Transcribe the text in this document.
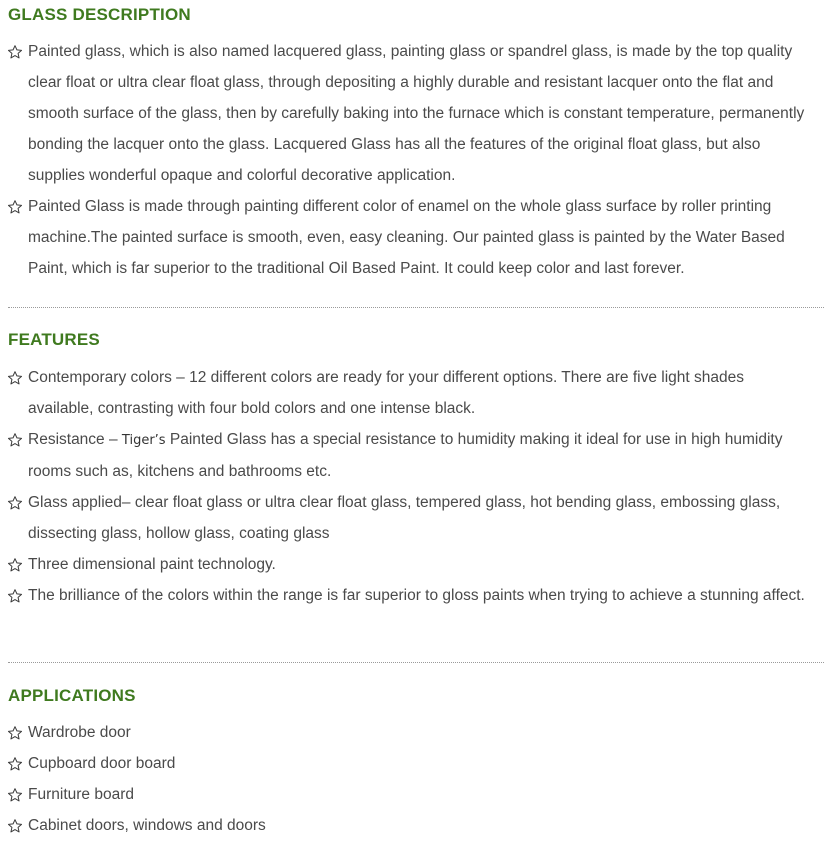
GLASS DESCRIPTION
Painted glass, which is also named lacquered glass, painting glass or spandrel glass, is made by the top quality clear float or ultra clear float glass, through depositing a highly durable and resistant lacquer onto the flat and smooth surface of the glass, then by carefully baking into the furnace which is constant temperature, permanently bonding the lacquer onto the glass. Lacquered Glass has all the features of the original float glass, but also supplies wonderful opaque and colorful decorative application.
Painted Glass is made through painting different color of enamel on the whole glass surface by roller printing machine.The painted surface is smooth, even, easy cleaning. Our painted glass is painted by the Water Based Paint, which is far superior to the traditional Oil Based Paint. It could keep color and last forever.
FEATURES
Contemporary colors – 12 different colors are ready for your different options. There are five light shades available, contrasting with four bold colors and one intense black.
Resistance – Tiger’s Painted Glass has a special resistance to humidity making it ideal for use in high humidity rooms such as, kitchens and bathrooms etc.
Glass applied– clear float glass or ultra clear float glass, tempered glass, hot bending glass, embossing glass, dissecting glass, hollow glass, coating glass
Three dimensional paint technology.
The brilliance of the colors within the range is far superior to gloss paints when trying to achieve a stunning affect.
APPLICATIONS
Wardrobe door
Cupboard door board
Furniture board
Cabinet doors, windows and doors
